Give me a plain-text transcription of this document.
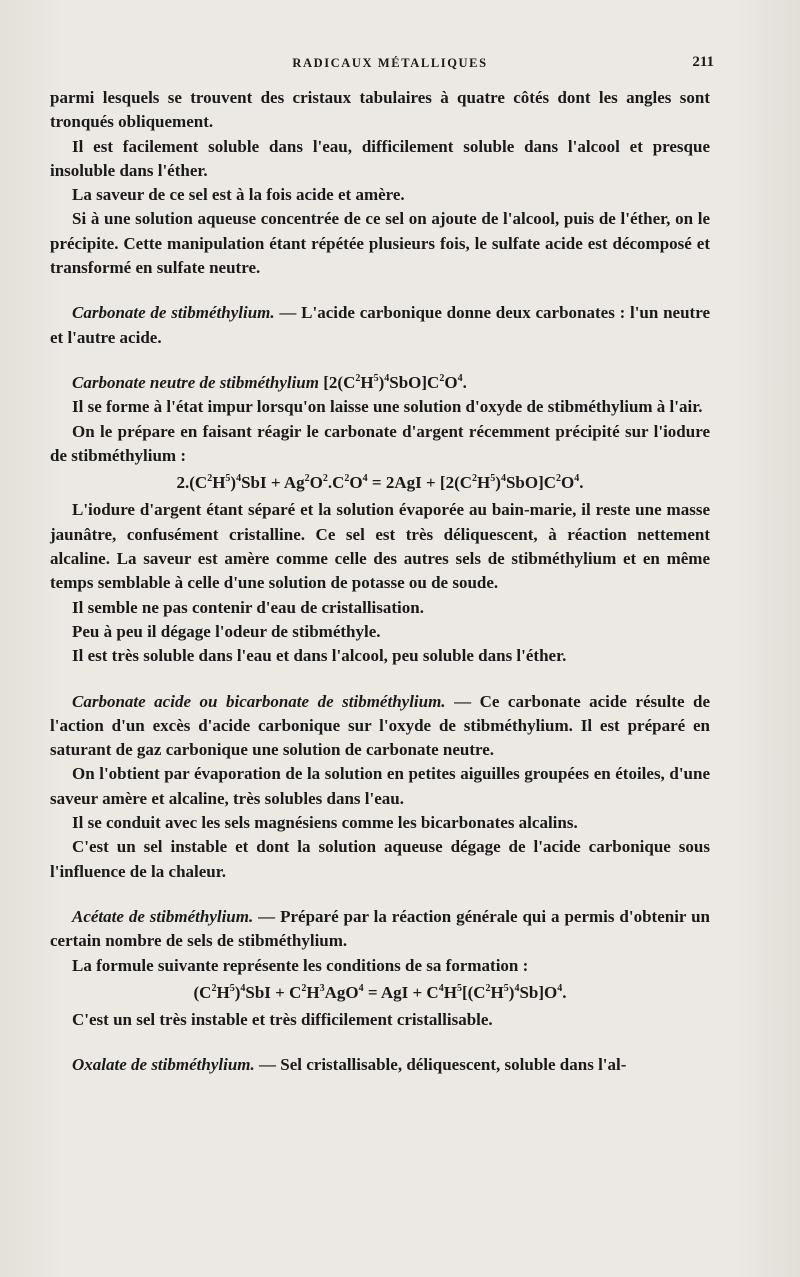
RADICAUX MÉTALLIQUES	211

parmi lesquels se trouvent des cristaux tabulaires à quatre côtés dont les angles sont tronqués obliquement.

Il est facilement soluble dans l'eau, difficilement soluble dans l'alcool et presque insoluble dans l'éther.

La saveur de ce sel est à la fois acide et amère.

Si à une solution aqueuse concentrée de ce sel on ajoute de l'alcool, puis de l'éther, on le précipite. Cette manipulation étant répétée plusieurs fois, le sulfate acide est décomposé et transformé en sulfate neutre.

Carbonate de stibméthylium. — L'acide carbonique donne deux carbonates : l'un neutre et l'autre acide.

Carbonate neutre de stibméthylium $[2(C^2H^5)^4SbO]C^2O^4$.

Il se forme à l'état impur lorsqu'on laisse une solution d'oxyde de stibméthylium à l'air.

On le prépare en faisant réagir le carbonate d'argent récemment précipité sur l'iodure de stibméthylium :

$2.(C^2H^5)^4SbI + Ag^2O^2.C^2O^4 = 2AgI + [2(C^2H^5)^4SbO]C^2O^4$.

L'iodure d'argent étant séparé et la solution évaporée au bain-marie, il reste une masse jaunâtre, confusément cristalline. Ce sel est très déliquescent, à réaction nettement alcaline. La saveur est amère comme celle des autres sels de stibméthylium et en même temps semblable à celle d'une solution de potasse ou de soude.

Il semble ne pas contenir d'eau de cristallisation.

Peu à peu il dégage l'odeur de stibméthyle.

Il est très soluble dans l'eau et dans l'alcool, peu soluble dans l'éther.

Carbonate acide ou bicarbonate de stibméthylium. — Ce carbonate acide résulte de l'action d'un excès d'acide carbonique sur l'oxyde de stibméthylium. Il est préparé en saturant de gaz carbonique une solution de carbonate neutre.

On l'obtient par évaporation de la solution en petites aiguilles groupées en étoiles, d'une saveur amère et alcaline, très solubles dans l'eau.

Il se conduit avec les sels magnésiens comme les bicarbonates alcalins.

C'est un sel instable et dont la solution aqueuse dégage de l'acide carbonique sous l'influence de la chaleur.

Acétate de stibméthylium. — Préparé par la réaction générale qui a permis d'obtenir un certain nombre de sels de stibméthylium.

La formule suivante représente les conditions de sa formation :

$(C^2H^5)^4SbI + C^2H^3AgO^4$ = AgI + $C^4H^5[(C^2H^5)^4Sb]O^4$.

C'est un sel très instable et très difficilement cristallisable.

Oxalate de stibméthylium. — Sel cristallisable, déliquescent, soluble dans l'al-
